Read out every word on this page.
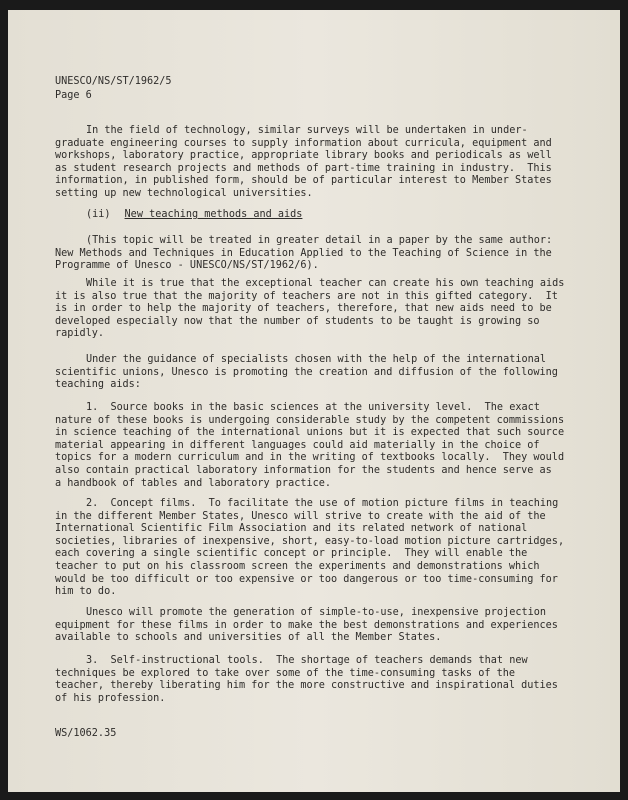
UNESCO/NS/ST/1962/5
Page 6
In the field of technology, similar surveys will be undertaken in under-
graduate engineering courses to supply information about curricula, equipment and
workshops, laboratory practice, appropriate library books and periodicals as well
as student research projects and methods of part-time training in industry.  This
information, in published form, should be of particular interest to Member States
setting up new technological universities.
(ii) New teaching methods and aids
(This topic will be treated in greater detail in a paper by the same author:
New Methods and Techniques in Education Applied to the Teaching of Science in the
Programme of Unesco - UNESCO/NS/ST/1962/6).
While it is true that the exceptional teacher can create his own teaching aids
it is also true that the majority of teachers are not in this gifted category.  It
is in order to help the majority of teachers, therefore, that new aids need to be
developed especially now that the number of students to be taught is growing so
rapidly.
Under the guidance of specialists chosen with the help of the international
scientific unions, Unesco is promoting the creation and diffusion of the following
teaching aids:
1.  Source books in the basic sciences at the university level.  The exact
nature of these books is undergoing considerable study by the competent commissions
in science teaching of the international unions but it is expected that such source
material appearing in different languages could aid materially in the choice of
topics for a modern curriculum and in the writing of textbooks locally.  They would
also contain practical laboratory information for the students and hence serve as
a handbook of tables and laboratory practice.
2.  Concept films.  To facilitate the use of motion picture films in teaching
in the different Member States, Unesco will strive to create with the aid of the
International Scientific Film Association and its related network of national
societies, libraries of inexpensive, short, easy-to-load motion picture cartridges,
each covering a single scientific concept or principle.  They will enable the
teacher to put on his classroom screen the experiments and demonstrations which
would be too difficult or too expensive or too dangerous or too time-consuming for
him to do.
Unesco will promote the generation of simple-to-use, inexpensive projection
equipment for these films in order to make the best demonstrations and experiences
available to schools and universities of all the Member States.
3.  Self-instructional tools.  The shortage of teachers demands that new
techniques be explored to take over some of the time-consuming tasks of the
teacher, thereby liberating him for the more constructive and inspirational duties
of his profession.
WS/1062.35
